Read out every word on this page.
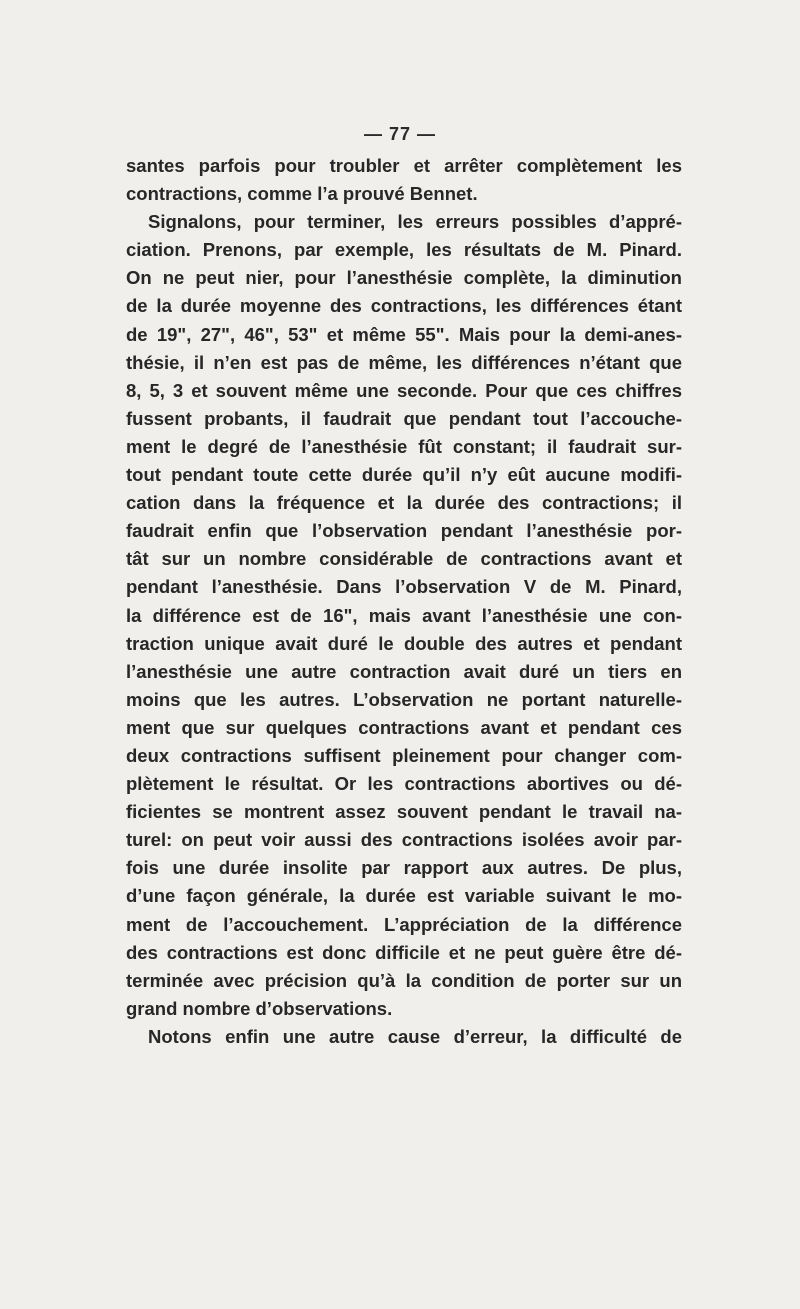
— 77 —
santes parfois pour troubler et arrêter complètement les
contractions, comme l’a prouvé Bennet.
Signalons, pour terminer, les erreurs possibles d’appré-
ciation. Prenons, par exemple, les résultats de M. Pinard.
On ne peut nier, pour l’anesthésie complète, la diminution
de la durée moyenne des contractions, les différences étant
de 19", 27", 46", 53" et même 55". Mais pour la demi-anes-
thésie, il n’en est pas de même, les différences n’étant que
8, 5, 3 et souvent même une seconde. Pour que ces chiffres
fussent probants, il faudrait que pendant tout l’accouche-
ment le degré de l’anesthésie fût constant; il faudrait sur-
tout pendant toute cette durée qu’il n’y eût aucune modifi-
cation dans la fréquence et la durée des contractions; il
faudrait enfin que l’observation pendant l’anesthésie por-
tât sur un nombre considérable de contractions avant et
pendant l’anesthésie. Dans l’observation V de M. Pinard,
la différence est de 16", mais avant l’anesthésie une con-
traction unique avait duré le double des autres et pendant
l’anesthésie une autre contraction avait duré un tiers en
moins que les autres. L’observation ne portant naturelle-
ment que sur quelques contractions avant et pendant ces
deux contractions suffisent pleinement pour changer com-
plètement le résultat. Or les contractions abortives ou dé-
ficientes se montrent assez souvent pendant le travail na-
turel: on peut voir aussi des contractions isolées avoir par-
fois une durée insolite par rapport aux autres. De plus,
d’une façon générale, la durée est variable suivant le mo-
ment de l’accouchement. L’appréciation de la différence
des contractions est donc difficile et ne peut guère être dé-
terminée avec précision qu’à la condition de porter sur un
grand nombre d’observations.
Notons enfin une autre cause d’erreur, la difficulté de
